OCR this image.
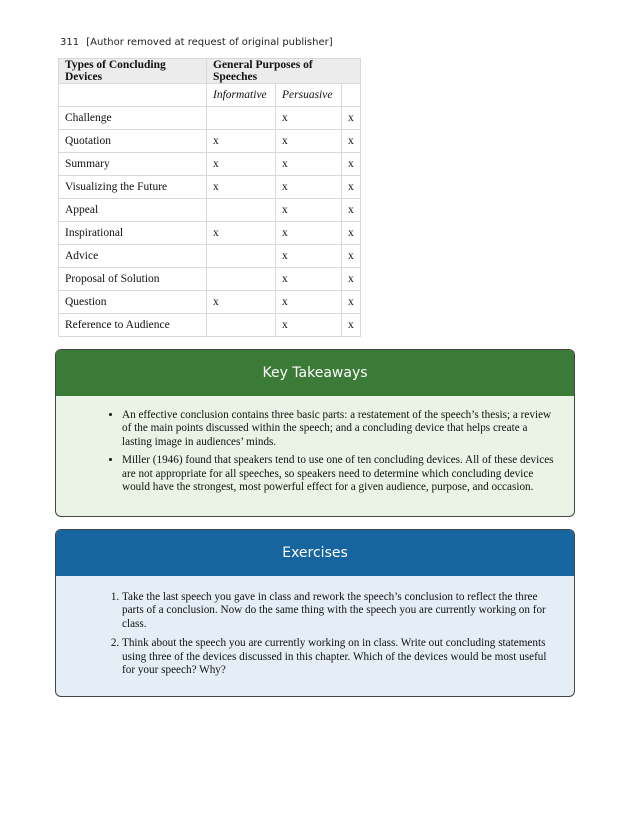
311 [Author removed at request of original publisher]
Types of Concluding Devices	General Purposes of Speeches		
	Informative	Persuasive	
Challenge		x	x
Quotation	x	x	x
Summary	x	x	x
Visualizing the Future	x	x	x
Appeal		x	x
Inspirational	x	x	x
Advice		x	x
Proposal of Solution		x	x
Question	x	x	x
Reference to Audience		x	x
Key Takeaways
• An effective conclusion contains three basic parts: a restatement of the speech’s thesis; a review of the main points discussed within the speech; and a concluding device that helps create a lasting image in audiences’ minds.
• Miller (1946) found that speakers tend to use one of ten concluding devices. All of these devices are not appropriate for all speeches, so speakers need to determine which concluding device would have the strongest, most powerful effect for a given audience, purpose, and occasion.
Exercises
1. Take the last speech you gave in class and rework the speech’s conclusion to reflect the three parts of a conclusion. Now do the same thing with the speech you are currently working on for class.
2. Think about the speech you are currently working on in class. Write out concluding statements using three of the devices discussed in this chapter. Which of the devices would be most useful for your speech? Why?
